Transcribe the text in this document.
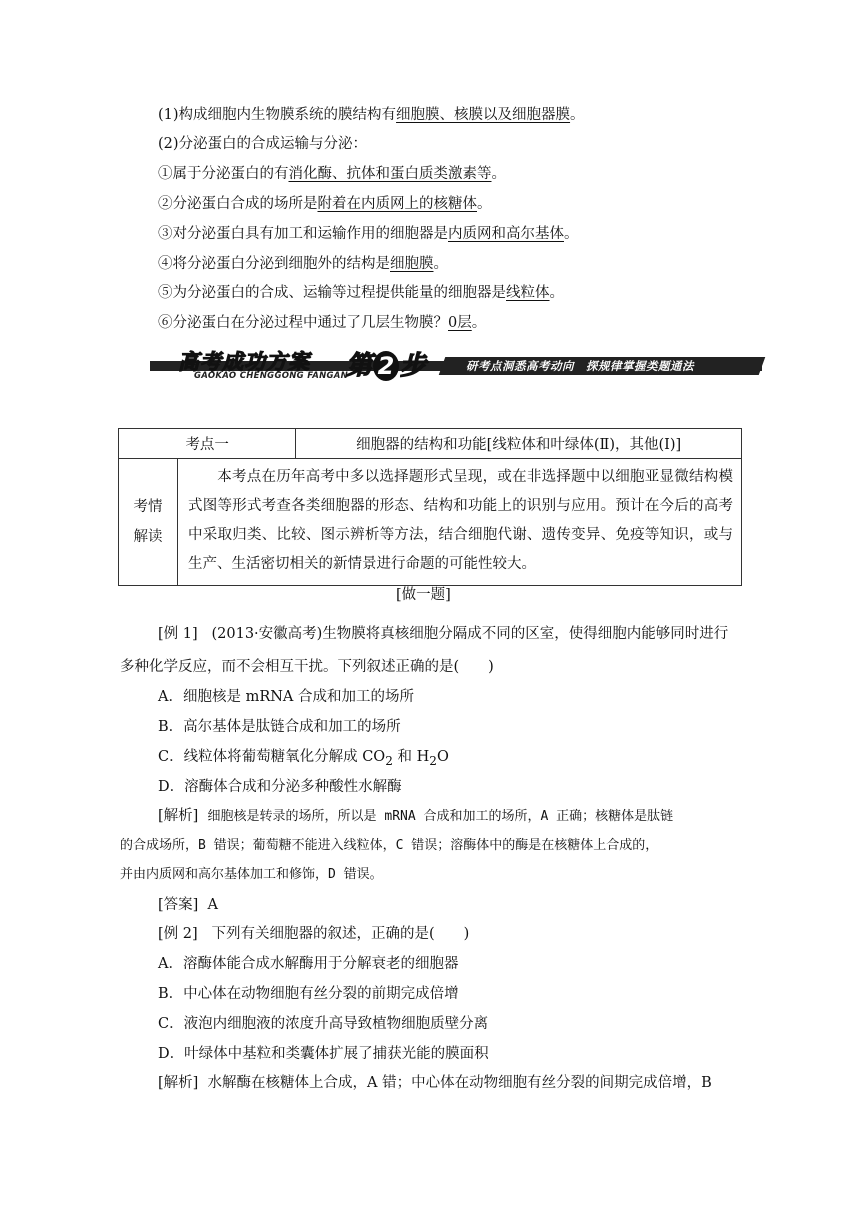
(1)构成细胞内生物膜系统的膜结构有细胞膜、核膜以及细胞器膜。
(2)分泌蛋白的合成运输与分泌：
①属于分泌蛋白的有消化酶、抗体和蛋白质类激素等。
②分泌蛋白合成的场所是附着在内质网上的核糖体。
③对分泌蛋白具有加工和运输作用的细胞器是内质网和高尔基体。
④将分泌蛋白分泌到细胞外的结构是细胞膜。
⑤为分泌蛋白的合成、运输等过程提供能量的细胞器是线粒体。
⑥分泌蛋白在分泌过程中通过了几层生物膜？0层。
高考成功方案
GAOKAO CHENGGONG FANGAN
第 2 步	研考点洞悉高考动向　探规律掌握类题通法
考点一		细胞器的结构和功能[线粒体和叶绿体(Ⅱ)，其他(Ⅰ)]

考情
解读	本考点在历年高考中多以选择题形式呈现，或在非选择题中以细胞亚显微结构模式图等形式考查各类细胞器的形态、结构和功能上的识别与应用。预计在今后的高考中采取归类、比较、图示辨析等方法，结合细胞代谢、遗传变异、免疫等知识，或与生产、生活密切相关的新情景进行命题的可能性较大。	
[做一题]
[例 1] (2013·安徽高考)生物膜将真核细胞分隔成不同的区室，使得细胞内能够同时进行
多种化学反应，而不会相互干扰。下列叙述正确的是(　　)
A．细胞核是 mRNA 合成和加工的场所
B．高尔基体是肽链合成和加工的场所
C．线粒体将葡萄糖氧化分解成 $CO_2$ 和 $H_2O$
D．溶酶体合成和分泌多种酸性水解酶
[解析] 细胞核是转录的场所，所以是 mRNA 合成和加工的场所，A 正确；核糖体是肽链
的合成场所，B 错误；葡萄糖不能进入线粒体，C 错误；溶酶体中的酶是在核糖体上合成的，
并由内质网和高尔基体加工和修饰，D 错误。
[答案] A
[例 2] 下列有关细胞器的叙述，正确的是(　　)
A．溶酶体能合成水解酶用于分解衰老的细胞器
B．中心体在动物细胞有丝分裂的前期完成倍增
C．液泡内细胞液的浓度升高导致植物细胞质壁分离
D．叶绿体中基粒和类囊体扩展了捕获光能的膜面积
[解析] 水解酶在核糖体上合成，A 错；中心体在动物细胞有丝分裂的间期完成倍增，B
